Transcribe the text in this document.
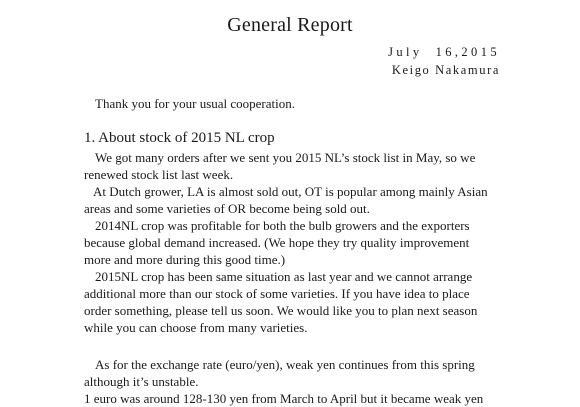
General Report
July  16,2015
Keigo Nakamura
Thank you for your usual cooperation.
1. About stock of 2015 NL crop
We got many orders after we sent you 2015 NL’s stock list in May, so we
renewed stock list last week.
At Dutch grower, LA is almost sold out, OT is popular among mainly Asian
areas and some varieties of OR become being sold out.
2014NL crop was profitable for both the bulb growers and the exporters
because global demand increased. (We hope they try quality improvement
more and more during this good time.)
2015NL crop has been same situation as last year and we cannot arrange
additional more than our stock of some varieties. If you have idea to place
order something, please tell us soon. We would like you to plan next season
while you can choose from many varieties.
As for the exchange rate (euro/yen), weak yen continues from this spring
although it’s unstable.
1 euro was around 128-130 yen from March to April but it became weak yen
